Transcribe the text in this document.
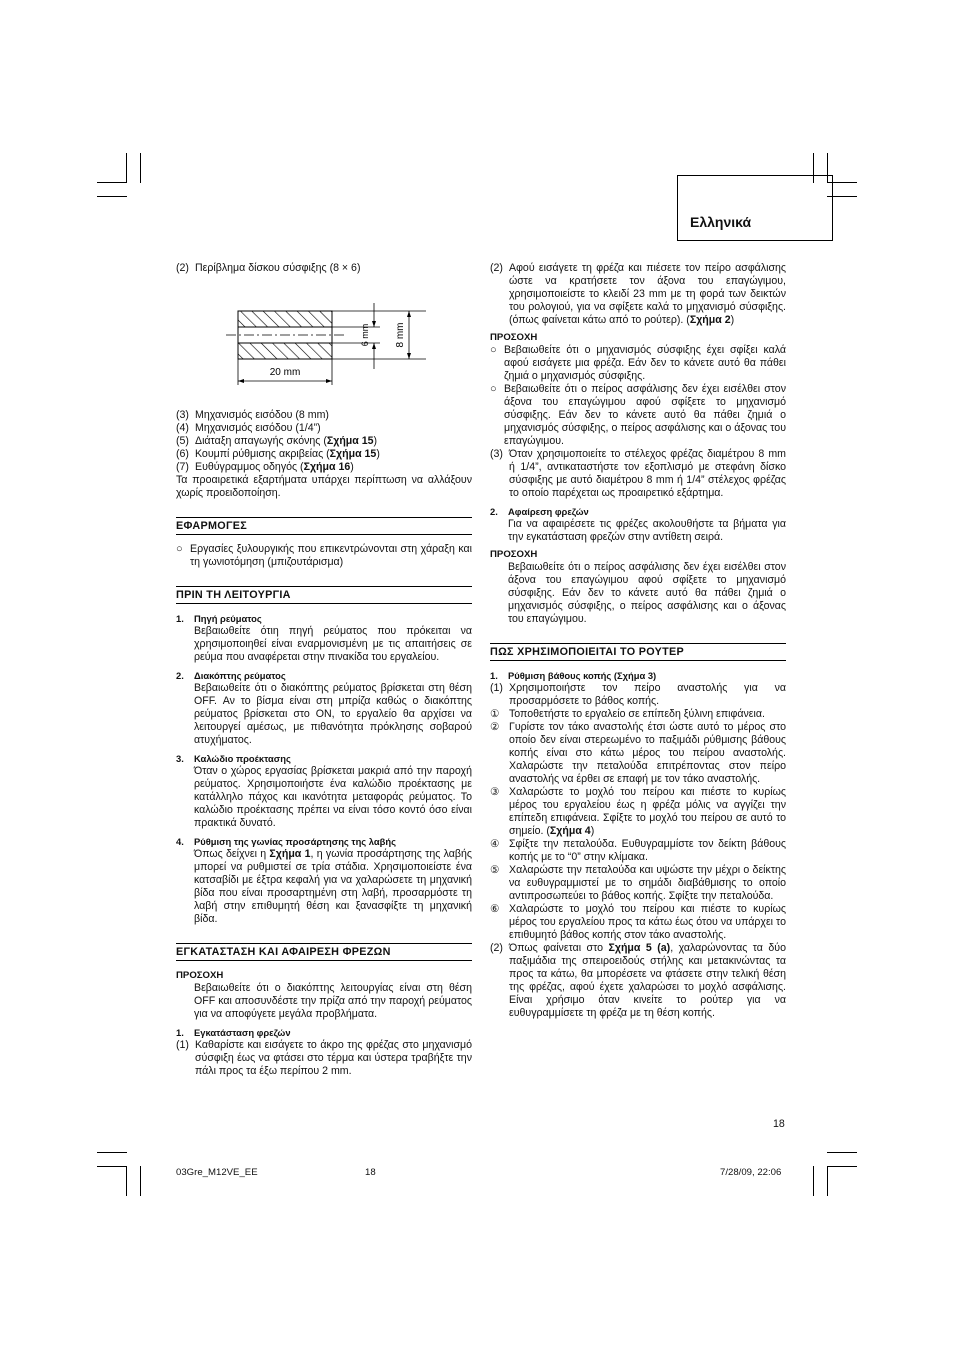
Ελληνικά
(2) Περίβλημα δίσκου σύσφιξης (8 × 6)
20 mm
6 mm	8 mm
(3) Μηχανισμός εισόδου (8 mm)
(4) Μηχανισμός εισόδου (1/4”)
(5) Διάταξη απαγωγής σκόνης (Σχήμα 15)
(6) Κουμπί ρύθμισης ακριβείας (Σχήμα 15)
(7) Ευθύγραμμος οδηγός (Σχήμα 16)

Τα προαιρετικά εξαρτήματα υπάρχει περίπτωση να αλλάξουν χωρίς προειδοποίηση.

ΕΦΑΡΜΟΓΕΣ
○ Εργασίες ξυλουργικής που επικεντρώνονται στη χάραξη και τη γωνιοτόμηση (μπιζουτάρισμα)
ΠΡΙΝ ΤΗ ΛΕΙΤΟΥΡΓΙΑ
1. Πηγή ρεύματος

Βεβαιωθείτε ότιη πηγή ρεύματος που πρόκειται να χρησιμοποιηθεί είναι εναρμονισμένη με τις απαιτήσεις σε ρεύμα που αναφέρεται στην πινακίδα του εργαλείου.

2. Διακόπτης ρεύματος

Βεβαιωθείτε ότι ο διακόπτης ρεύματος βρίσκεται στη θέση OFF. Αν το βίσμα είναι στη μπρίζα καθώς ο διακόπτης ρεύματος βρίσκεται στο ON, το εργαλείο θα αρχίσει να λειτουργεί αμέσως, με πιθανότητα πρόκλησης σοβαρού ατυχήματος.

3. Καλώδιο προέκτασης

Όταν ο χώρος εργασίας βρίσκεται μακριά από την παροχή ρεύματος. Χρησιμοποιήστε ένα καλώδιο προέκτασης με κατάλληλο πάχος και ικανότητα μεταφοράς ρεύματος. Το καλώδιο προέκτασης πρέπει να είναι τόσο κοντό όσο είναι πρακτικά δυνατό.

4. Ρύθμιση της γωνίας προσάρτησης της λαβής

Όπως δείχνει η Σχήμα 1, η γωνία προσάρτησης της λαβής μπορεί να ρυθμιστεί σε τρία στάδια. Χρησιμοποιείστε ένα κατσαβίδι με έξτρα κεφαλή για να χαλαρώσετε τη μηχανική βίδα που είναι προσαρτημένη στη λαβή, προσαρμόστε τη λαβή στην επιθυμητή θέση και ξανασφίξτε τη μηχανική βίδα.

ΕΓΚΑΤΑΣΤΑΣΗ ΚΑΙ ΑΦΑΙΡΕΣΗ ΦΡΕΖΩΝ
ΠΡΟΣΟΧΗ

Βεβαιωθείτε ότι ο διακόπτης λειτουργίας είναι στη θέση OFF και αποσυνδέστε την πρίζα από την παροχή ρεύματος για να αποφύγετε μεγάλα προβλήματα.

1. Εγκατάσταση φρεζών
(1) Καθαρίστε και εισάγετε το άκρο της φρέζας στο μηχανισμό σύσφιξη έως να φτάσει στο τέρμα και ύστερα τραβήξτε την πάλι προς τα έξω περίπου 2 mm.
(2) Αφού εισάγετε τη φρέζα και πιέσετε τον πείρο ασφάλισης ώστε να κρατήσετε τον άξονα του επαγώγιμου, χρησιμοποιείστε το κλειδί 23 mm με τη φορά των δεικτών του ρολογιού, για να σφίξετε καλά το μηχανισμό σύσφιξης. (όπως φαίνεται κάτω από το ρούτερ). (Σχήμα 2)
ΠΡΟΣΟΧΗ
○ Βεβαιωθείτε ότι ο μηχανισμός σύσφιξης έχει σφίξει καλά αφού εισάγετε μια φρέζα. Εάν δεν το κάνετε αυτό θα πάθει ζημιά ο μηχανισμός σύσφιξης.
○ Βεβαιωθείτε ότι ο πείρος ασφάλισης δεν έχει εισέλθει στον άξονα του επαγώγιμου αφού σφίξετε το μηχανισμό σύσφιξης. Εάν δεν το κάνετε αυτό θα πάθει ζημιά ο μηχανισμός σύσφιξης, ο πείρος ασφάλισης και ο άξονας του επαγώγιμου.
(3) Όταν χρησιμοποιείτε το στέλεχος φρέζας διαμέτρου 8 mm ή 1/4”, αντικαταστήστε τον εξοπλισμό με στεφάνη δίσκο σύσφιξης με αυτό διαμέτρου 8 mm ή 1/4” στέλεχος φρέζας το οποίο παρέχεται ως προαιρετικό εξάρτημα.
2. Αφαίρεση φρεζών

Για να αφαιρέσετε τις φρέζες ακολουθήστε τα βήματα για την εγκατάσταση φρεζών στην αντίθετη σειρά.

ΠΡΟΣΟΧΗ

Βεβαιωθείτε ότι ο πείρος ασφάλισης δεν έχει εισέλθει στον άξονα του επαγώγιμου αφού σφίξετε το μηχανισμό σύσφιξης. Εάν δεν το κάνετε αυτό θα πάθει ζημιά ο μηχανισμός σύσφιξης, ο πείρος ασφάλισης και ο άξονας του επαγώγιμου.

ΠΩΣ ΧΡΗΣΙΜΟΠΟΙΕΙΤΑΙ ΤΟ ΡΟΥΤΕΡ
1. Ρύθμιση βάθους κοπής (Σχήμα 3)
(1) Χρησιμοποιήστε τον πείρο αναστολής για να προσαρμόσετε το βάθος κοπής.
① Τοποθετήστε το εργαλείο σε επίπεδη ξύλινη επιφάνεια.
② Γυρίστε τον τάκο αναστολής έτσι ώστε αυτό το μέρος στο οποίο δεν είναι στερεωμένο το παξιμάδι ρύθμισης βάθους κοπής είναι στο κάτω μέρος του πείρου αναστολής. Χαλαρώστε την πεταλούδα επιτρέποντας στον πείρο αναστολής να έρθει σε επαφή με τον τάκο αναστολής.
③ Χαλαρώστε το μοχλό του πείρου και πιέστε το κυρίως μέρος του εργαλείου έως η φρέζα μόλις να αγγίζει την επίπεδη επιφάνεια. Σφίξτε το μοχλό του πείρου σε αυτό το σημείο. (Σχήμα 4)
④ Σφίξτε την πεταλούδα. Ευθυγραμμίστε τον δείκτη βάθους κοπής με το “0” στην κλίμακα.
⑤ Χαλαρώστε την πεταλούδα και υψώστε την μέχρι ο δείκτης να ευθυγραμμιστεί με το σημάδι διαβάθμισης το οποίο αντιπροσωπεύει το βάθος κοπής. Σφίξτε την πεταλούδα.
⑥ Χαλαρώστε το μοχλό του πείρου και πιέστε το κυρίως μέρος του εργαλείου προς τα κάτω έως ότου να υπάρχει το επιθυμητό βάθος κοπής στον τάκο αναστολής.
(2) Όπως φαίνεται στο Σχήμα 5 (a), χαλαρώνοντας τα δύο παξιμάδια της σπειροειδούς στήλης και μετακινώντας τα προς τα κάτω, θα μπορέσετε να φτάσετε στην τελική θέση της φρέζας, αφού έχετε χαλαρώσει το μοχλό ασφάλισης. Είναι χρήσιμο όταν κινείτε το ρούτερ για να ευθυγραμμίσετε τη φρέζα με τη θέση κοπής.
18
03Gre_M12VE_EE	18	7/28/09, 22:06
